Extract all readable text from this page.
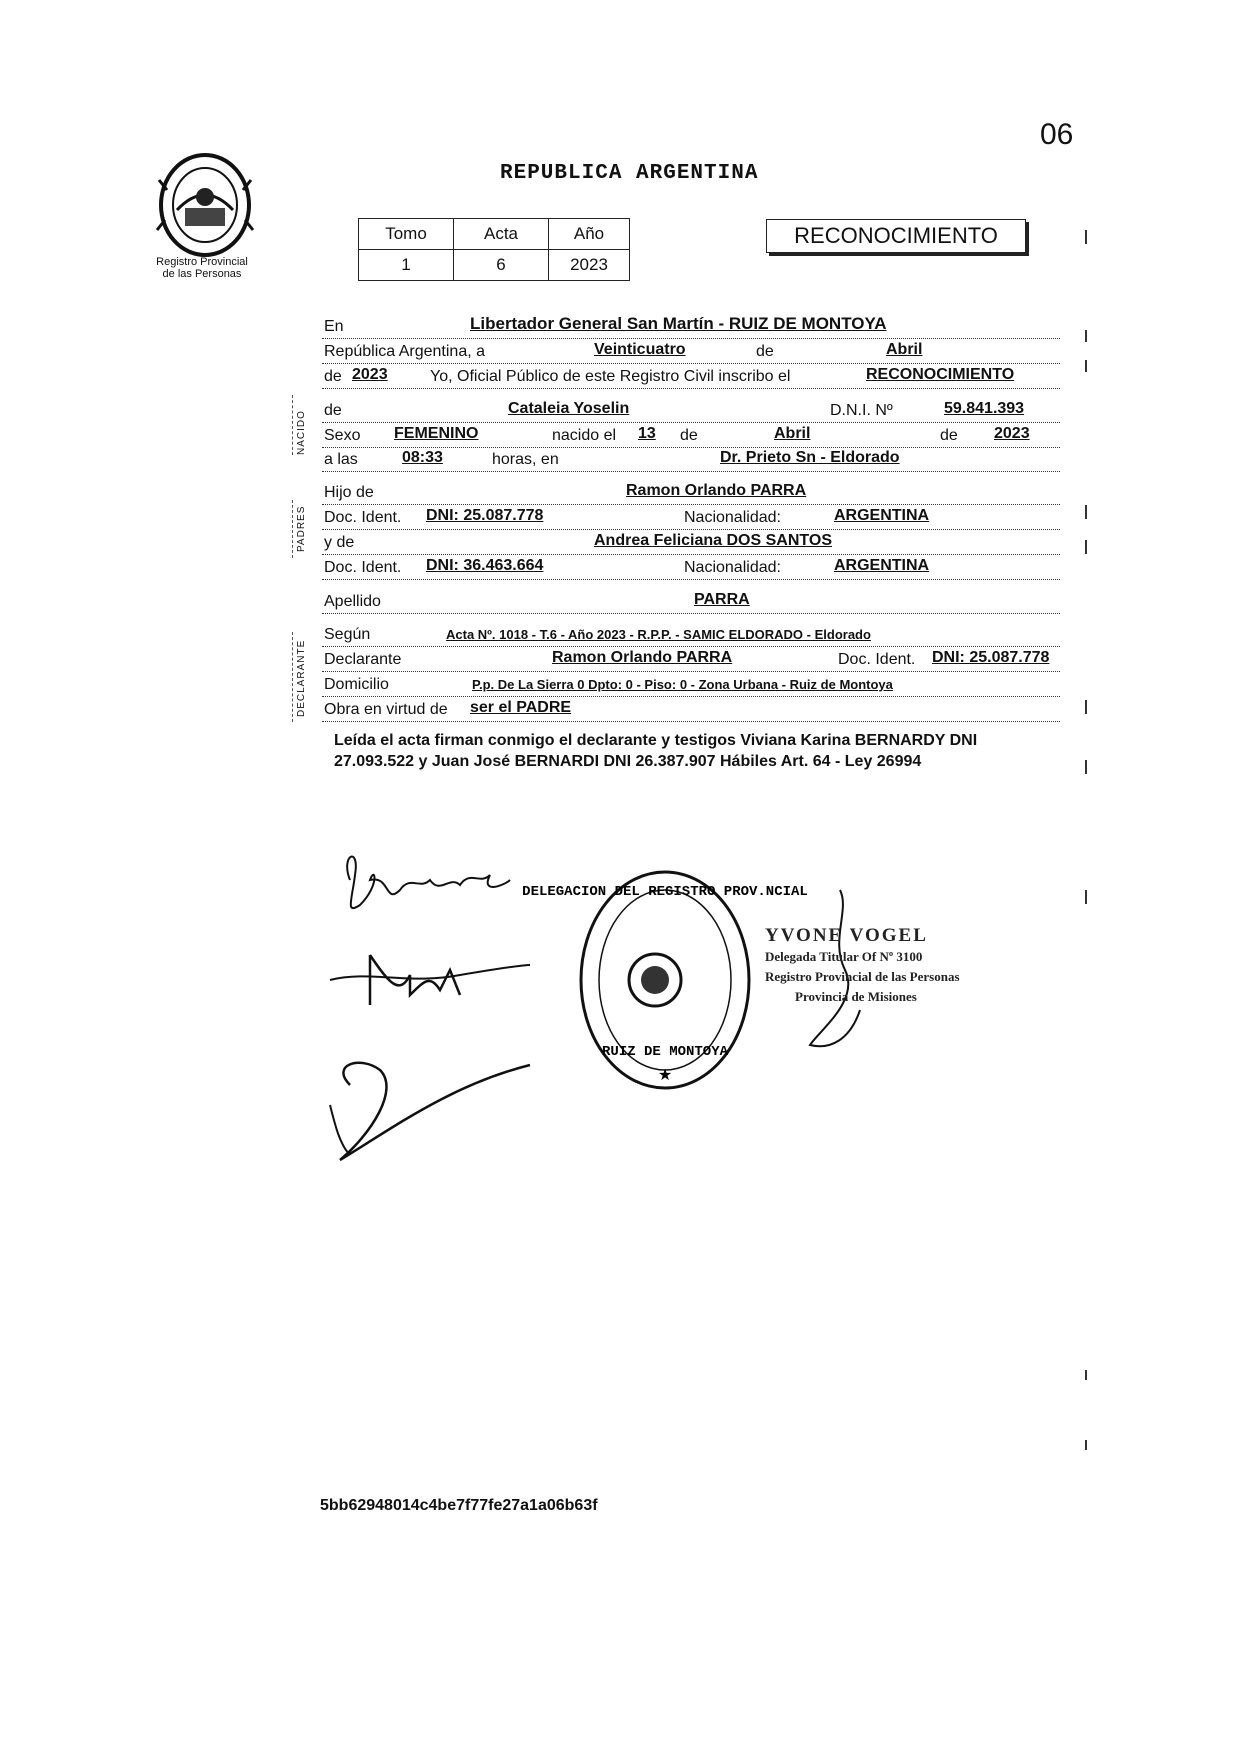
06
Registro Provincial
de las Personas
REPUBLICA ARGENTINA
Tomo	Acta	Año
1	6	2023
RECONOCIMIENTO
NACIDO
PADRES
DECLARANTE
En	Libertador General San Martín - RUIZ DE MONTOYA
República Argentina, a	Veinticuatro	de	Abril
de 2023	Yo, Oficial Público de este Registro Civil inscribo el	RECONOCIMIENTO
de	Cataleia Yoselin	D.N.I. Nº	59.841.393
Sexo FEMENINO	nacido el 13 de	Abril	de 2023
a las	08:33	horas, en	Dr. Prieto Sn - Eldorado
Hijo de	Ramon Orlando PARRA
Doc. Ident. DNI: 25.087.778	Nacionalidad:	ARGENTINA
y de	Andrea Feliciana DOS SANTOS
Doc. Ident. DNI: 36.463.664	Nacionalidad:	ARGENTINA
Apellido	PARRA
Según	Acta Nº. 1018 - T.6 - Año 2023 - R.P.P. - SAMIC ELDORADO - Eldorado
Declarante	Ramon Orlando PARRA	Doc. Ident. DNI: 25.087.778
Domicilio	P.p. De La Sierra 0 Dpto: 0 - Piso: 0 - Zona Urbana - Ruiz de Montoya
Obra en virtud de ser el PADRE
Leída el acta firman conmigo el declarante y testigos Viviana Karina BERNARDY DNI 27.093.522 y Juan José BERNARDI DNI 26.387.907 Hábiles Art. 64 - Ley 26994
DELEGACION DEL REGISTRO PROV.NCIAL
RUIZ DE MONTOYA
★
YVONE VOGEL
Delegada Titular Of Nº 3100
Registro Provincial de las Personas
Provincia de Misiones
5bb62948014c4be7f77fe27a1a06b63f
